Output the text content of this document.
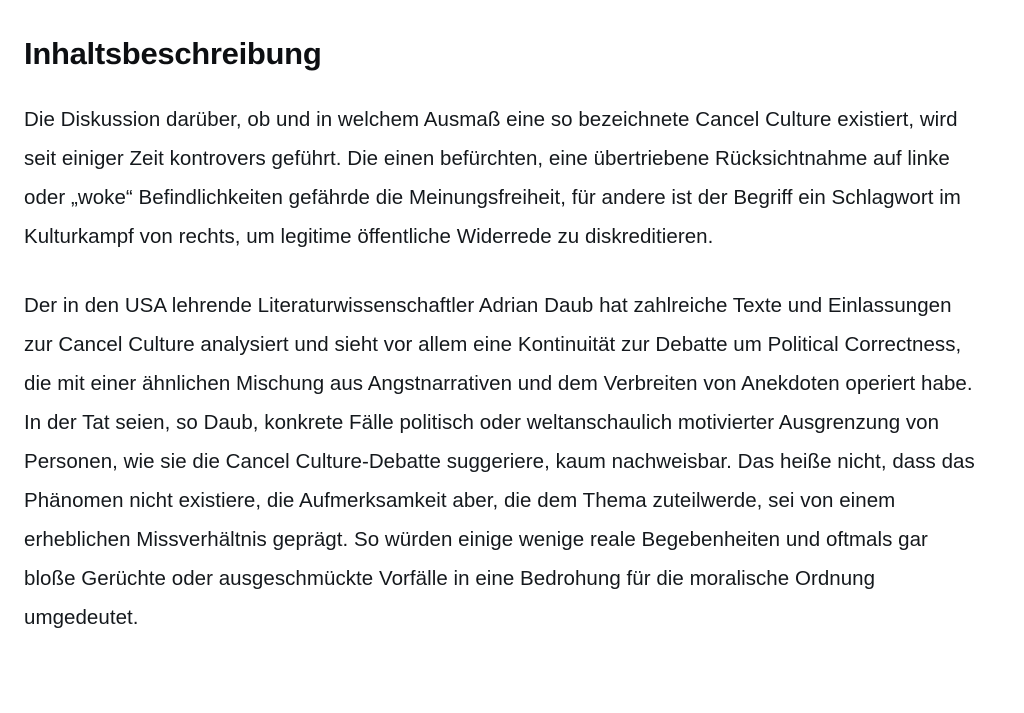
Inhaltsbeschreibung

Die Diskussion darüber, ob und in welchem Ausmaß eine so bezeichnete Cancel Culture existiert, wird seit einiger Zeit kontrovers geführt. Die einen befürchten, eine übertriebene Rücksichtnahme auf linke oder „woke“ Befindlichkeiten gefährde die Meinungsfreiheit, für andere ist der Begriff ein Schlagwort im Kulturkampf von rechts, um legitime öffentliche Widerrede zu diskreditieren.

Der in den USA lehrende Literaturwissenschaftler Adrian Daub hat zahlreiche Texte und Einlassungen zur Cancel Culture analysiert und sieht vor allem eine Kontinuität zur Debatte um Political Correctness, die mit einer ähnlichen Mischung aus Angstnarrativen und dem Verbreiten von Anekdoten operiert habe. In der Tat seien, so Daub, konkrete Fälle politisch oder weltanschaulich motivierter Ausgrenzung von Personen, wie sie die Cancel Culture-Debatte suggeriere, kaum nachweisbar. Das heiße nicht, dass das Phänomen nicht existiere, die Aufmerksamkeit aber, die dem Thema zuteilwerde, sei von einem erheblichen Missverhältnis geprägt. So würden einige wenige reale Begebenheiten und oftmals gar bloße Gerüchte oder ausgeschmückte Vorfälle in eine Bedrohung für die moralische Ordnung umgedeutet.
